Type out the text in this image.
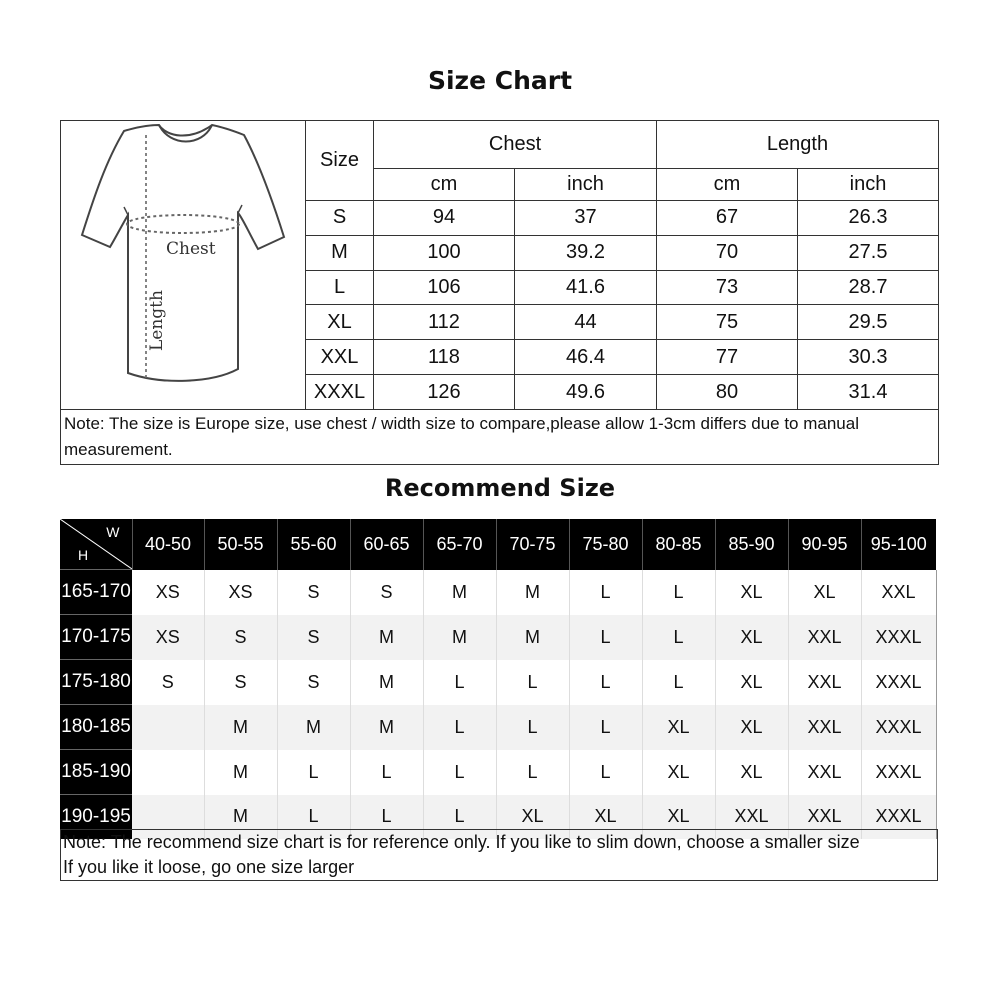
Size Chart
Chest
Length	Size	Chest		Length	
		cm	inch	cm	inch
	S	94	37	67	26.3
	M	100	39.2	70	27.5
	L	106	41.6	73	28.7
	XL	112	44	75	29.5
	XXL	118	46.4	77	30.3
	XXXL	126	49.6	80	31.4
Note: The size is Europe size, use chest / width size to compare,please allow 1-3cm differs due to manual measurement.					
Recommend Size
W
H	40-50	50-55	55-60	60-65	65-70	70-75	75-80	80-85	85-90	90-95	95-100
165-170	XS	XS	S	S	M	M	L	L	XL	XL	XXL
170-175	XS	S	S	M	M	M	L	L	XL	XXL	XXXL
175-180	S	S	S	M	L	L	L	L	XL	XXL	XXXL
180-185		M	M	M	L	L	L	XL	XL	XXL	XXXL
185-190		M	L	L	L	L	L	XL	XL	XXL	XXXL
190-195		M	L	L	L	XL	XL	XL	XXL	XXL	XXXL
Note: The recommend size chart is for reference only. If you like to slim down, choose a smaller size
If you like it loose, go one size larger
